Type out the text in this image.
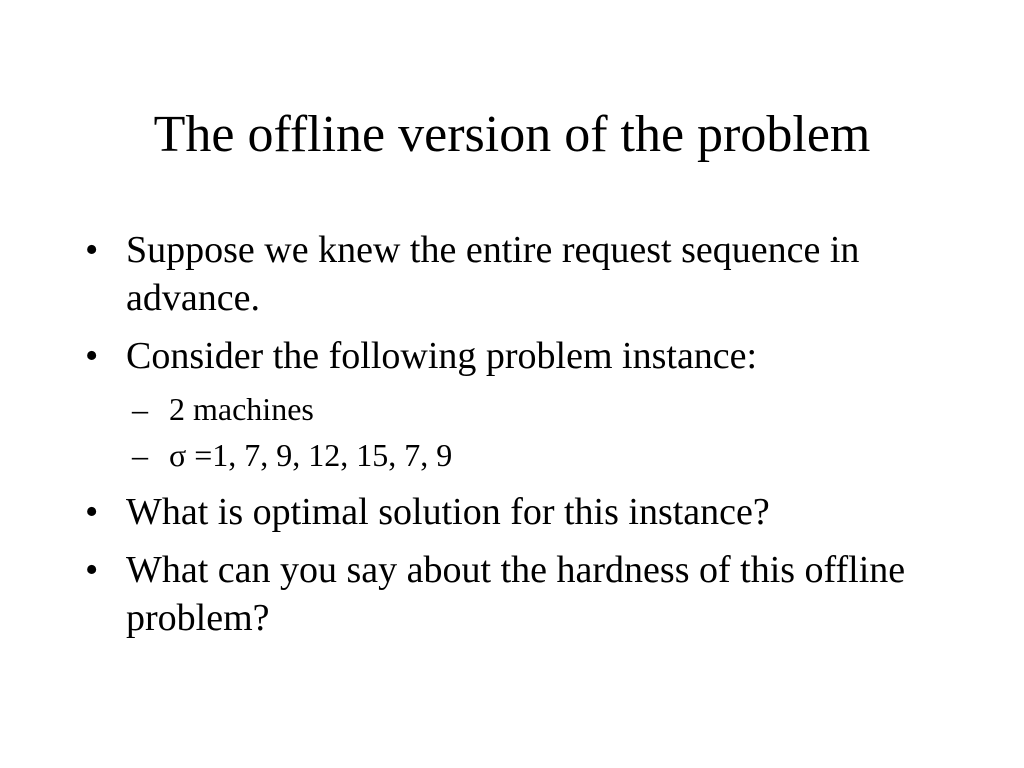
The offline version of the problem
• Suppose we knew the entire request sequence in advance.
• Consider the following problem instance:
– 2 machines
– σ =1, 7, 9, 12, 15, 7, 9
• What is optimal solution for this instance?
• What can you say about the hardness of this offline problem?
